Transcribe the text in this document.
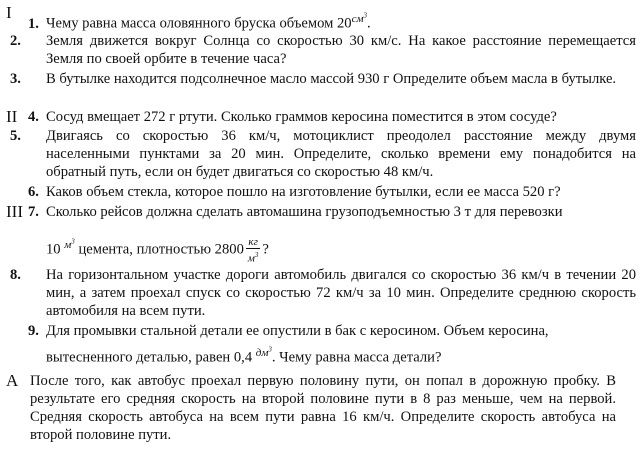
I
1. Чему равна масса оловянного бруска объемом $20^{см^3}$.
2. Земля движется вокруг Солнца со скоростью 30 км/с. На какое расстояние перемещается Земля по своей орбите в течение часа?
3. В бутылке находится подсолнечное масло массой 930 г Определите объем масла в бутылке.
II 4. Сосуд вмещает 272 г ртути. Сколько граммов керосина поместится в этом сосуде?
5. Двигаясь со скоростью 36 км/ч, мотоциклист преодолел расстояние между двумя населенными пунктами за 20 мин. Определите, сколько времени ему понадобится на обратный путь, если он будет двигаться со скоростью 48 км/ч.
6. Каков объем стекла, которое пошло на изготовление бутылки, если ее масса 520 г?
III 7. Сколько рейсов должна сделать автомашина грузоподъемностью 3 т для перевозки
10 $^{м^3}$ цемента, плотностью $2800 \frac{кг}{м^3}$ ?
8. На горизонтальном участке дороги автомобиль двигался со скоростью 36 км/ч в течении 20 мин, а затем проехал спуск со скоростью 72 км/ч за 10 мин. Определите среднюю скорость автомобиля на всем пути.
9. Для промывки стальной детали ее опустили в бак с керосином. Объем керосина,
вытесненного деталью, равен 0,4 $^{дм^3}$. Чему равна масса детали?
A После того, как автобус проехал первую половину пути, он попал в дорожную пробку. В результате его средняя скорость на второй половине пути в 8 раз меньше, чем на первой. Средняя скорость автобуса на всем пути равна 16 км/ч. Определите скорость автобуса на второй половине пути.
